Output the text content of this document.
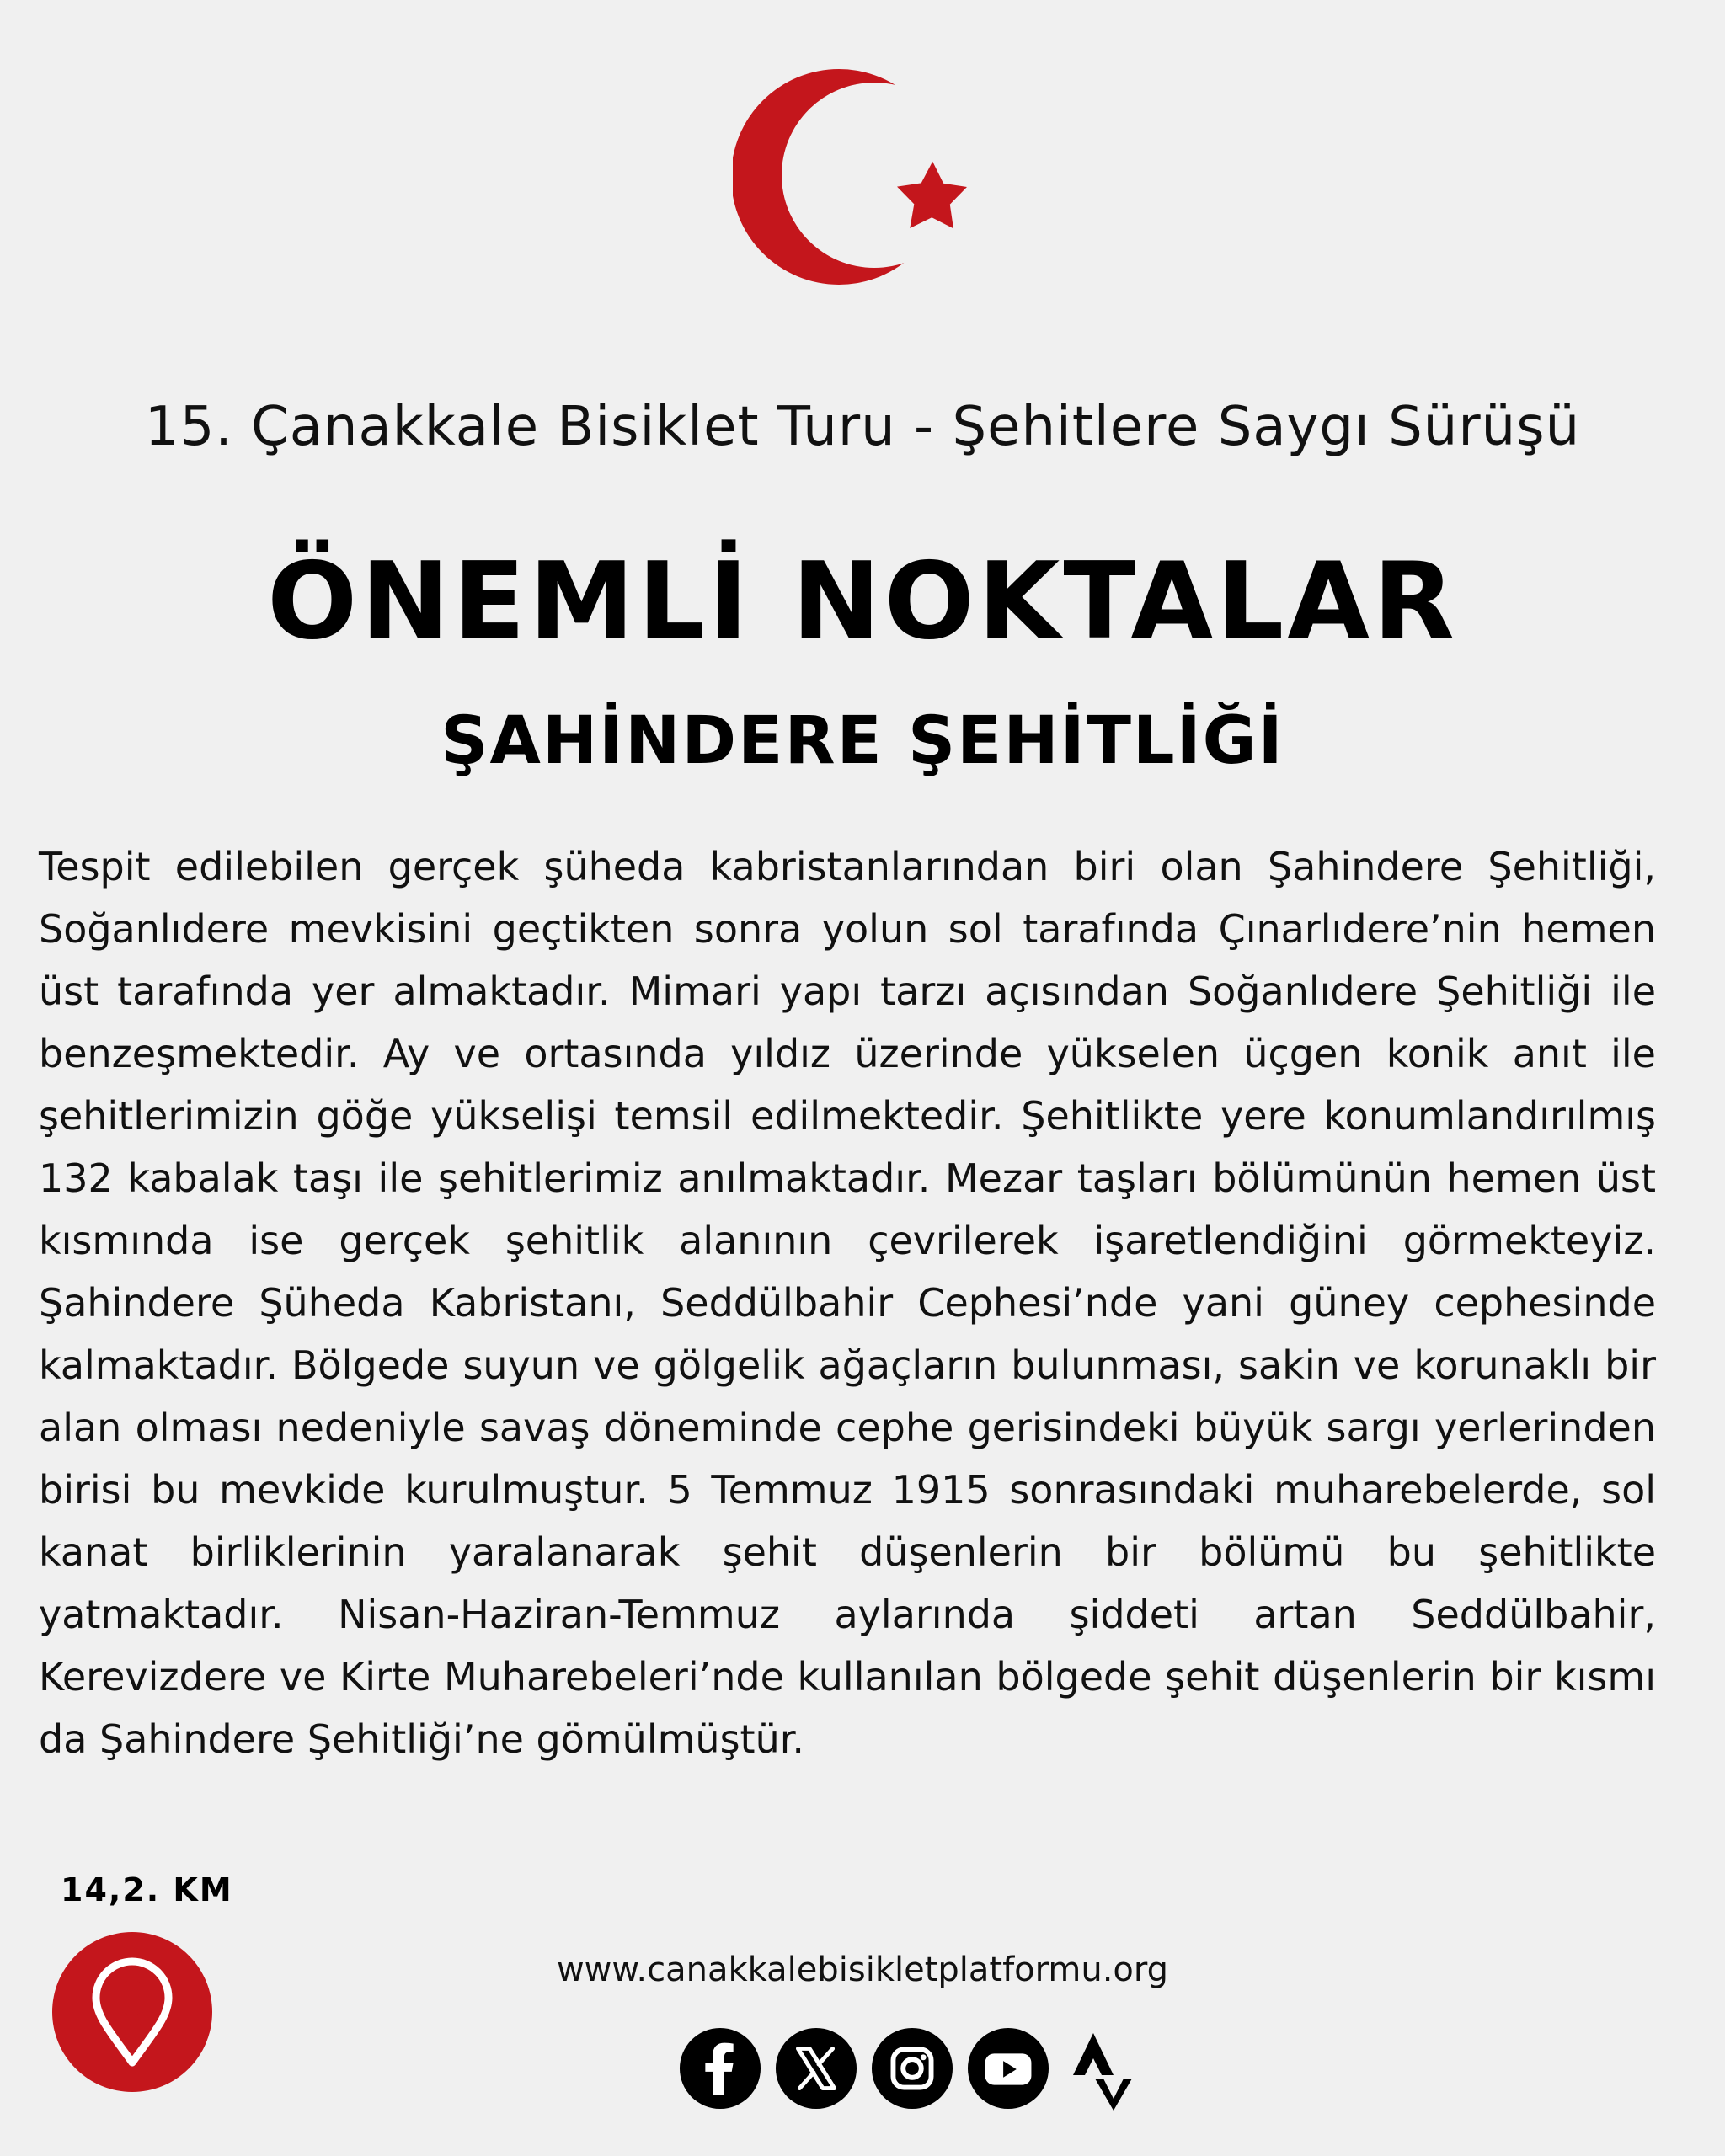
15. Çanakkale Bisiklet Turu - Şehitlere Saygı Sürüşü
ÖNEMLİ NOKTALAR
ŞAHİNDERE ŞEHİTLİĞİ

Tespit edilebilen gerçek şüheda kabristanlarından biri olan Şahindere Şehitliği, Soğanlıdere mevkisini geçtikten sonra yolun sol tarafında Çınarlıdere’nin hemen üst tarafında yer almaktadır. Mimari yapı tarzı açısından Soğanlıdere Şehitliği ile benzeşmektedir. Ay ve ortasında yıldız üzerinde yükselen üçgen konik anıt ile şehitlerimizin göğe yükselişi temsil edilmektedir. Şehitlikte yere konumlandırılmış 132 kabalak taşı ile şehitlerimiz anılmaktadır. Mezar taşları bölümünün hemen üst kısmında ise gerçek şehitlik alanının çevrilerek işaretlendiğini görmekteyiz. Şahindere Şüheda Kabristanı, Seddülbahir Cephesi’nde yani güney cephesinde kalmaktadır. Bölgede suyun ve gölgelik ağaçların bulunması, sakin ve korunaklı bir alan olması nedeniyle savaş döneminde cephe gerisindeki büyük sargı yerlerinden birisi bu mevkide kurulmuştur. 5 Temmuz 1915 sonrasındaki muharebelerde, sol kanat birliklerinin yaralanarak şehit düşenlerin bir bölümü bu şehitlikte yatmaktadır. Nisan-Haziran-Temmuz aylarında şiddeti artan Seddülbahir, Kerevizdere ve Kirte Muharebeleri’nde kullanılan bölgede şehit düşenlerin bir kısmı da Şahindere Şehitliği’ne gömülmüştür.

14,2. KM
www.canakkalebisikletplatformu.org
